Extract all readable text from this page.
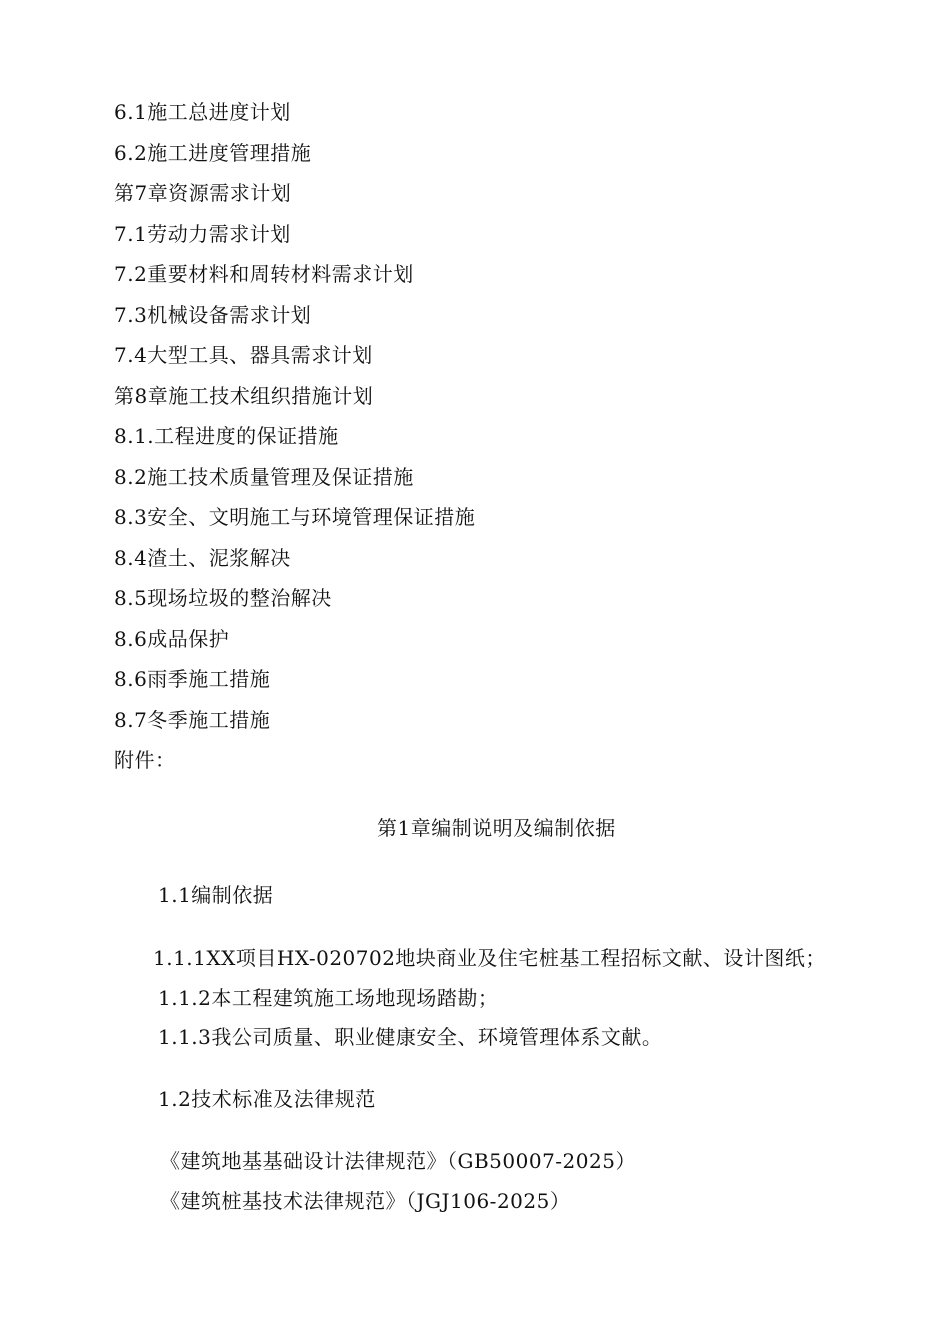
6.1施工总进度计划
6.2施工进度管理措施
第7章资源需求计划
7.1劳动力需求计划
7.2重要材料和周转材料需求计划
7.3机械设备需求计划
7.4大型工具、器具需求计划
第8章施工技术组织措施计划
8.1.工程进度的保证措施
8.2施工技术质量管理及保证措施
8.3安全、文明施工与环境管理保证措施
8.4渣土、泥浆解决
8.5现场垃圾的整治解决
8.6成品保护
8.6雨季施工措施
8.7冬季施工措施
附件：
第1章编制说明及编制依据
1.1编制依据
1.1.1XX项目HX-020702地块商业及住宅桩基工程招标文献、设计图纸；
1.1.2本工程建筑施工场地现场踏勘；
1.1.3我公司质量、职业健康安全、环境管理体系文献。
1.2技术标准及法律规范
《建筑地基基础设计法律规范》（GB50007-2025）
《建筑桩基技术法律规范》（JGJ106-2025）
